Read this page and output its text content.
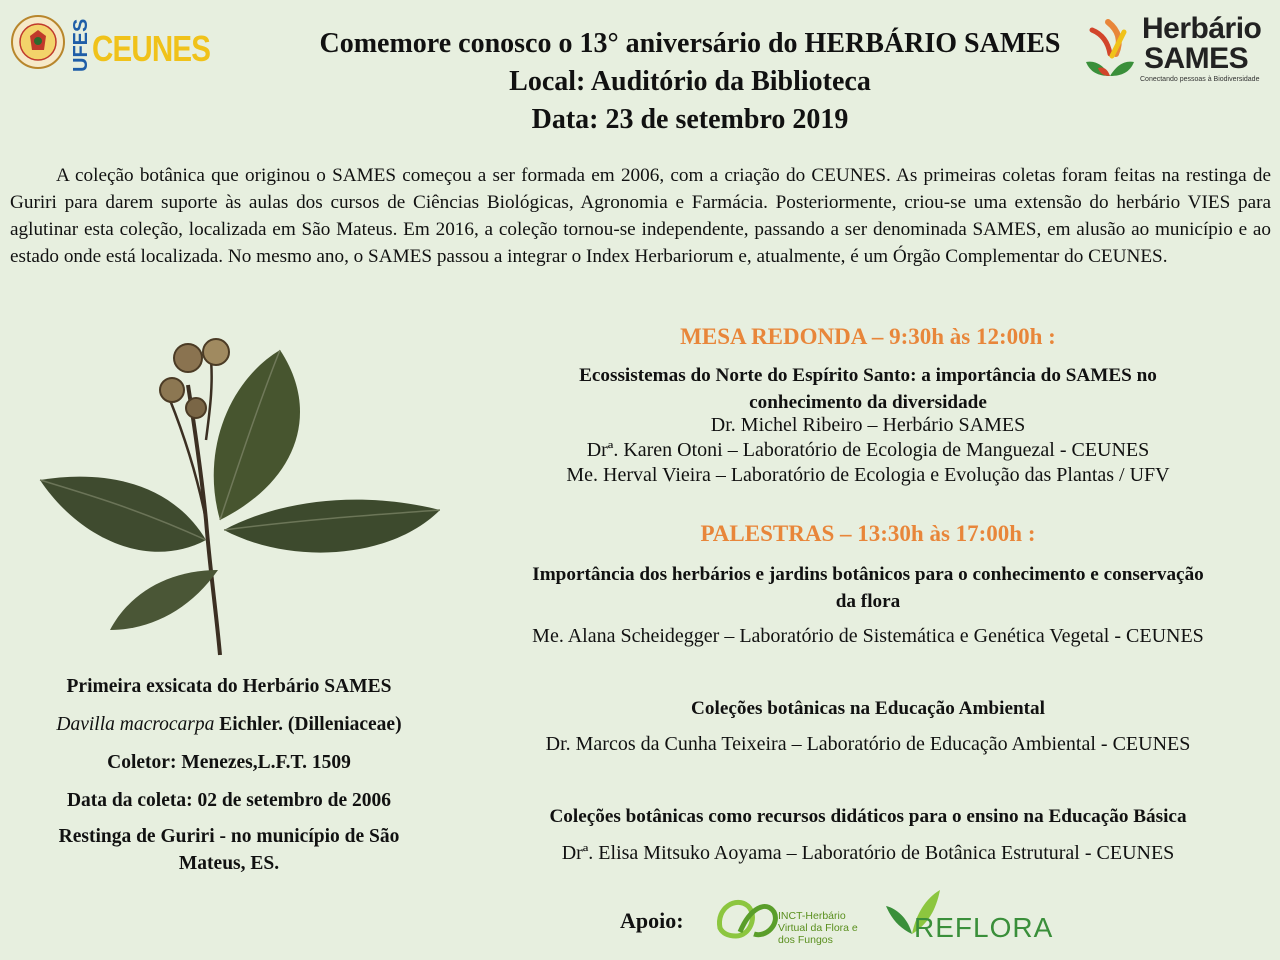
UFES CEUNES	Comemore conosco o 13° aniversário do HERBÁRIO SAMES
Local: Auditório da Biblioteca
Data: 23 de setembro 2019
Herbário
SAMES
Conectando pessoas à Biodiversidade
A coleção botânica que originou o SAMES começou a ser formada em 2006, com a criação do CEUNES. As primeiras coletas foram feitas na restinga de Guriri para darem suporte às aulas dos cursos de Ciências Biológicas, Agronomia e Farmácia. Posteriormente, criou-se uma extensão do herbário VIES para aglutinar esta coleção, localizada em São Mateus. Em 2016, a coleção tornou-se independente, passando a ser denominada SAMES, em alusão ao município e ao estado onde está localizada. No mesmo ano, o SAMES passou a integrar o Index Herbariorum e, atualmente, é um Órgão Complementar do CEUNES.
Primeira exsicata do Herbário SAMES
Davilla macrocarpa Eichler. (Dilleniaceae)
Coletor: Menezes,L.F.T. 1509
Data da coleta: 02 de setembro de 2006
Restinga de Guriri - no município de São
Mateus, ES.
MESA REDONDA – 9:30h às 12:00h :
Ecossistemas do Norte do Espírito Santo: a importância do SAMES no
conhecimento da diversidade
Dr. Michel Ribeiro – Herbário SAMES
Drª. Karen Otoni – Laboratório de Ecologia de Manguezal - CEUNES
Me. Herval Vieira – Laboratório de Ecologia e Evolução das Plantas / UFV
PALESTRAS – 13:30h às 17:00h :
Importância dos herbários e jardins botânicos para o conhecimento e conservação
da flora
Me. Alana Scheidegger – Laboratório de Sistemática e Genética Vegetal - CEUNES
Coleções botânicas na Educação Ambiental
Dr. Marcos da Cunha Teixeira – Laboratório de Educação Ambiental - CEUNES
Coleções botânicas como recursos didáticos para o ensino na Educação Básica
Drª. Elisa Mitsuko Aoyama – Laboratório de Botânica Estrutural - CEUNES
Apoio:	INCT-Herbário Virtual da Flora e dos Fungos	REFLORA
